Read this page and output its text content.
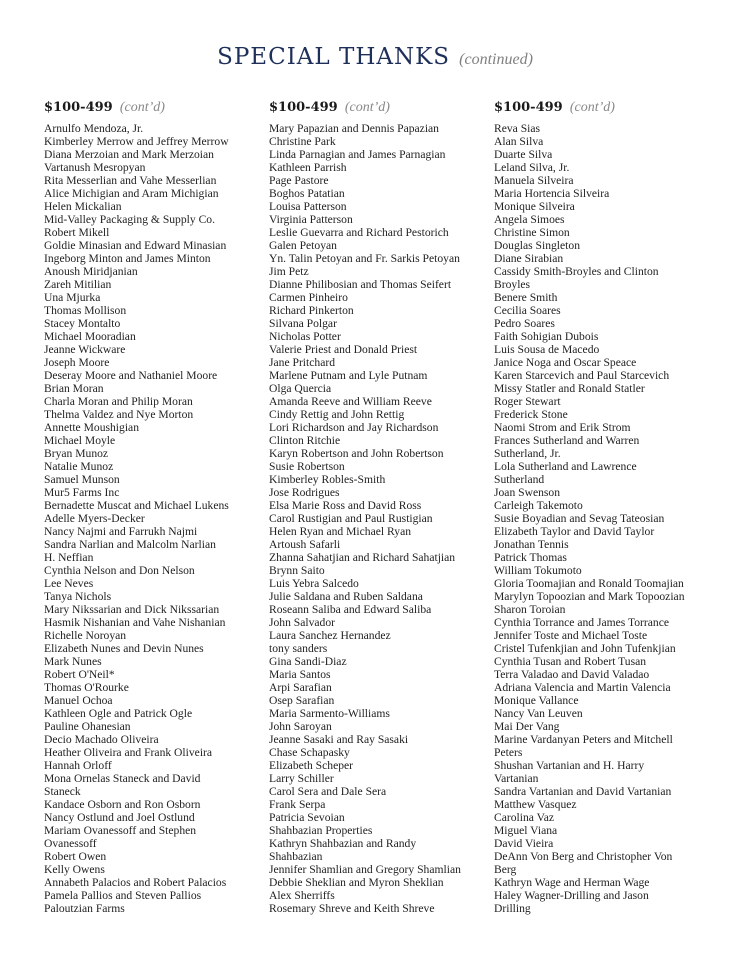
SPECIAL THANKS (continued)
$100-499 (cont’d)
Arnulfo Mendoza, Jr.
Kimberley Merrow and Jeffrey Merrow
Diana Merzoian and Mark Merzoian
Vartanush Mesropyan
Rita Messerlian and Vahe Messerlian
Alice Michigian and Aram Michigian
Helen Mickalian
Mid-Valley Packaging & Supply Co.
Robert Mikell
Goldie Minasian and Edward Minasian
Ingeborg Minton and James Minton
Anoush Miridjanian
Zareh Mitilian
Una Mjurka
Thomas Mollison
Stacey Montalto
Michael Mooradian
Jeanne Wickware
Joseph Moore
Deseray Moore and Nathaniel Moore
Brian Moran
Charla Moran and Philip Moran
Thelma Valdez and Nye Morton
Annette Moushigian
Michael Moyle
Bryan Munoz
Natalie Munoz
Samuel Munson
Mur5 Farms Inc
Bernadette Muscat and Michael Lukens
Adelle Myers-Decker
Nancy Najmi and Farrukh Najmi
Sandra Narlian and Malcolm Narlian
H. Neffian
Cynthia Nelson and Don Nelson
Lee Neves
Tanya Nichols
Mary Nikssarian and Dick Nikssarian
Hasmik Nishanian and Vahe Nishanian
Richelle Noroyan
Elizabeth Nunes and Devin Nunes
Mark Nunes
Robert O'Neil*
Thomas O'Rourke
Manuel Ochoa
Kathleen Ogle and Patrick Ogle
Pauline Ohanesian
Decio Machado Oliveira
Heather Oliveira and Frank Oliveira
Hannah Orloff
Mona Ornelas Staneck and David
Staneck
Kandace Osborn and Ron Osborn
Nancy Ostlund and Joel Ostlund
Mariam Ovanessoff and Stephen
Ovanessoff
Robert Owen
Kelly Owens
Annabeth Palacios and Robert Palacios
Pamela Pallios and Steven Pallios
Paloutzian Farms
$100-499 (cont’d)
Mary Papazian and Dennis Papazian
Christine Park
Linda Parnagian and James Parnagian
Kathleen Parrish
Page Pastore
Boghos Patatian
Louisa Patterson
Virginia Patterson
Leslie Guevarra and Richard Pestorich
Galen Petoyan
Yn. Talin Petoyan and Fr. Sarkis Petoyan
Jim Petz
Dianne Philibosian and Thomas Seifert
Carmen Pinheiro
Richard Pinkerton
Silvana Polgar
Nicholas Potter
Valerie Priest and Donald Priest
Jane Pritchard
Marlene Putnam and Lyle Putnam
Olga Quercia
Amanda Reeve and William Reeve
Cindy Rettig and John Rettig
Lori Richardson and Jay Richardson
Clinton Ritchie
Karyn Robertson and John Robertson
Susie Robertson
Kimberley Robles-Smith
Jose Rodrigues
Elsa Marie Ross and David Ross
Carol Rustigian and Paul Rustigian
Helen Ryan and Michael Ryan
Artoush Safarli
Zhanna Sahatjian and Richard Sahatjian
Brynn Saito
Luis Yebra Salcedo
Julie Saldana and Ruben Saldana
Roseann Saliba and Edward Saliba
John Salvador
Laura Sanchez Hernandez
tony sanders
Gina Sandi-Diaz
Maria Santos
Arpi Sarafian
Osep Sarafian
Maria Sarmento-Williams
John Saroyan
Jeanne Sasaki and Ray Sasaki
Chase Schapasky
Elizabeth Scheper
Larry Schiller
Carol Sera and Dale Sera
Frank Serpa
Patricia Sevoian
Shahbazian Properties
Kathryn Shahbazian and Randy
Shahbazian
Jennifer Shamlian and Gregory Shamlian
Debbie Sheklian and Myron Sheklian
Alex Sherriffs
Rosemary Shreve and Keith Shreve
$100-499 (cont’d)
Reva Sias
Alan Silva
Duarte Silva
Leland Silva, Jr.
Manuela Silveira
Maria Hortencia Silveira
Monique Silveira
Angela Simoes
Christine Simon
Douglas Singleton
Diane Sirabian
Cassidy Smith-Broyles and Clinton
Broyles
Benere Smith
Cecilia Soares
Pedro Soares
Faith Sohigian Dubois
Luis Sousa de Macedo
Janice Noga and Oscar Speace
Karen Starcevich and Paul Starcevich
Missy Statler and Ronald Statler
Roger Stewart
Frederick Stone
Naomi Strom and Erik Strom
Frances Sutherland and Warren
Sutherland, Jr.
Lola Sutherland and Lawrence
Sutherland
Joan Swenson
Carleigh Takemoto
Susie Boyadian and Sevag Tateosian
Elizabeth Taylor and David Taylor
Jonathan Tennis
Patrick Thomas
William Tokumoto
Gloria Toomajian and Ronald Toomajian
Marylyn Topoozian and Mark Topoozian
Sharon Toroian
Cynthia Torrance and James Torrance
Jennifer Toste and Michael Toste
Cristel Tufenkjian and John Tufenkjian
Cynthia Tusan and Robert Tusan
Terra Valadao and David Valadao
Adriana Valencia and Martin Valencia
Monique Vallance
Nancy Van Leuven
Mai Der Vang
Marine Vardanyan Peters and Mitchell
Peters
Shushan Vartanian and H. Harry
Vartanian
Sandra Vartanian and David Vartanian
Matthew Vasquez
Carolina Vaz
Miguel Viana
David Vieira
DeAnn Von Berg and Christopher Von
Berg
Kathryn Wage and Herman Wage
Haley Wagner-Drilling and Jason
Drilling
